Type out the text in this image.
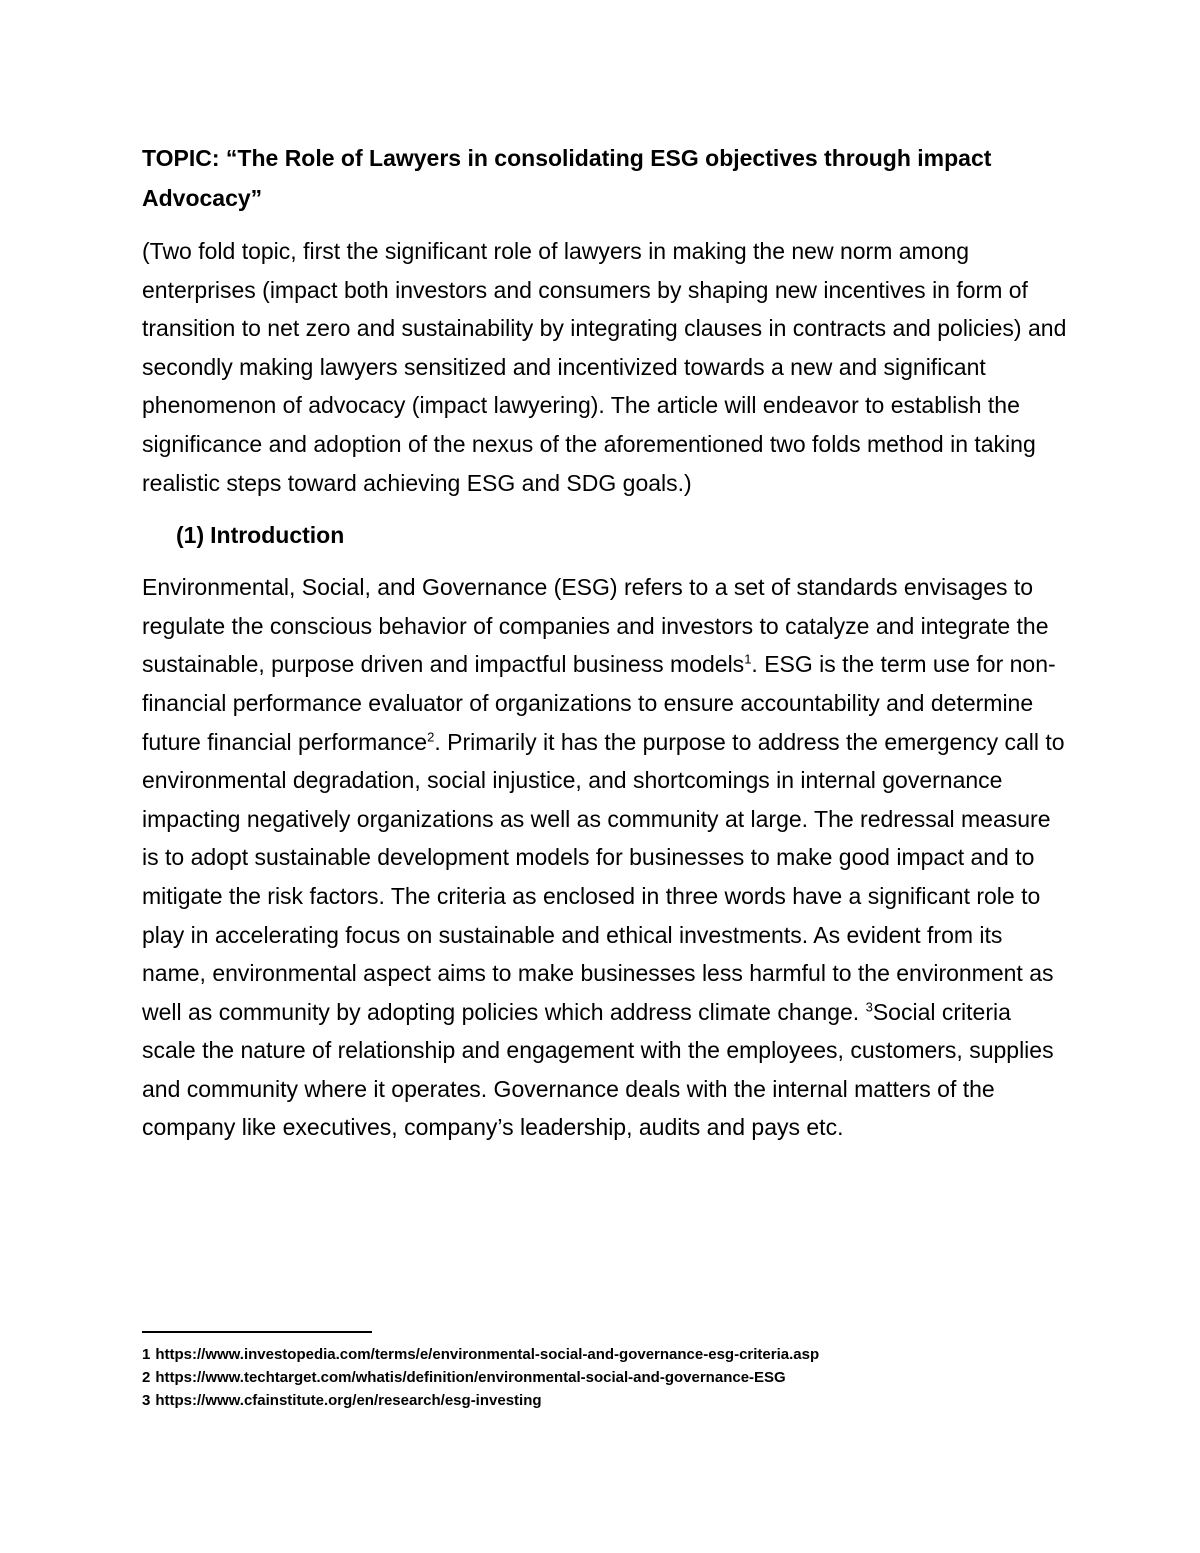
TOPIC: “The Role of Lawyers in consolidating ESG objectives through impact
Advocacy”

(Two fold topic, first the significant role of lawyers in making the new norm among enterprises (impact both investors and consumers by shaping new incentives in form of transition to net zero and sustainability by integrating clauses in contracts and policies) and secondly making lawyers sensitized and incentivized towards a new and significant phenomenon of advocacy (impact lawyering). The article will endeavor to establish the significance and adoption of the nexus of the aforementioned two folds method in taking realistic steps toward achieving ESG and SDG goals.)

(1) Introduction

Environmental, Social, and Governance (ESG) refers to a set of standards envisages to regulate the conscious behavior of companies and investors to catalyze and integrate the sustainable, purpose driven and impactful business models$^1$. ESG is the term use for non-financial performance evaluator of organizations to ensure accountability and determine future financial performance$^2$. Primarily it has the purpose to address the emergency call to environmental degradation, social injustice, and shortcomings in internal governance impacting negatively organizations as well as community at large. The redressal measure is to adopt sustainable development models for businesses to make good impact and to mitigate the risk factors. The criteria as enclosed in three words have a significant role to play in accelerating focus on sustainable and ethical investments. As evident from its name, environmental aspect aims to make businesses less harmful to the environment as well as community by adopting policies which address climate change. $^3$Social criteria scale the nature of relationship and engagement with the employees, customers, supplies and community where it operates. Governance deals with the internal matters of the company like executives, company’s leadership, audits and pays etc.

1 https://www.investopedia.com/terms/e/environmental-social-and-governance-esg-criteria.asp

2 https://www.techtarget.com/whatis/definition/environmental-social-and-governance-ESG

3 https://www.cfainstitute.org/en/research/esg-investing
